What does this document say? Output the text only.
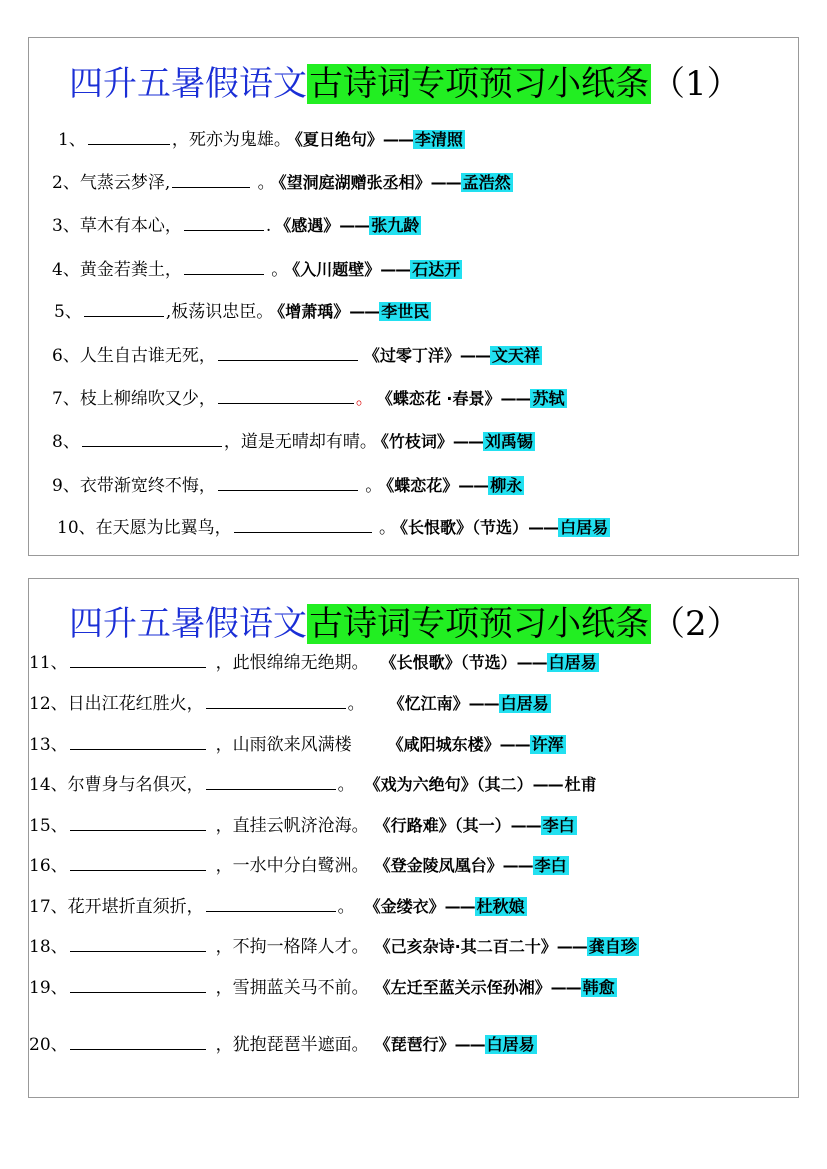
四升五暑假语文古诗词专项预习小纸条（1）
1、	，死亦为鬼雄。 《夏日绝句》—— 李清照
2、气蒸云梦泽,	。 《望洞庭湖赠张丞相》—— 孟浩然
3、草木有本心，	. 《感遇》—— 张九龄
4、黄金若粪土，	。 《入川题壁》—— 石达开
5、	,板荡识忠臣。 《增萧瑀》—— 李世民
6、人生自古谁无死，	《过零丁洋》—— 文天祥
7、枝上柳绵吹又少，	。 《蝶恋花 ·春景》—— 苏轼
8、	，道是无晴却有晴。 《竹枝词》—— 刘禹锡
9、衣带渐宽终不悔，	。 《蝶恋花》—— 柳永
10、在天愿为比翼鸟，	。 《长恨歌》（节选）—— 白居易
四升五暑假语文古诗词专项预习小纸条（2）
11、	，此恨绵绵无绝期。 《长恨歌》（节选）—— 白居易
12、日出江花红胜火，	。 《忆江南》—— 白居易
13、	，山雨欲来风满楼 《咸阳城东楼》—— 许浑
14、尔曹身与名俱灭，	。 《戏为六绝句》（其二）—— 杜甫
15、	，直挂云帆济沧海。 《行路难》（其一）—— 李白
16、	，一水中分白鹭洲。 《登金陵凤凰台》—— 李白
17、花开堪折直须折，	。 《金缕衣》—— 杜秋娘
18、	，不拘一格降人才。 《己亥杂诗·其二百二十》—— 龚自珍
19、	，雪拥蓝关马不前。 《左迁至蓝关示侄孙湘》—— 韩愈
20、	，犹抱琵琶半遮面。 《琵琶行》—— 白居易
